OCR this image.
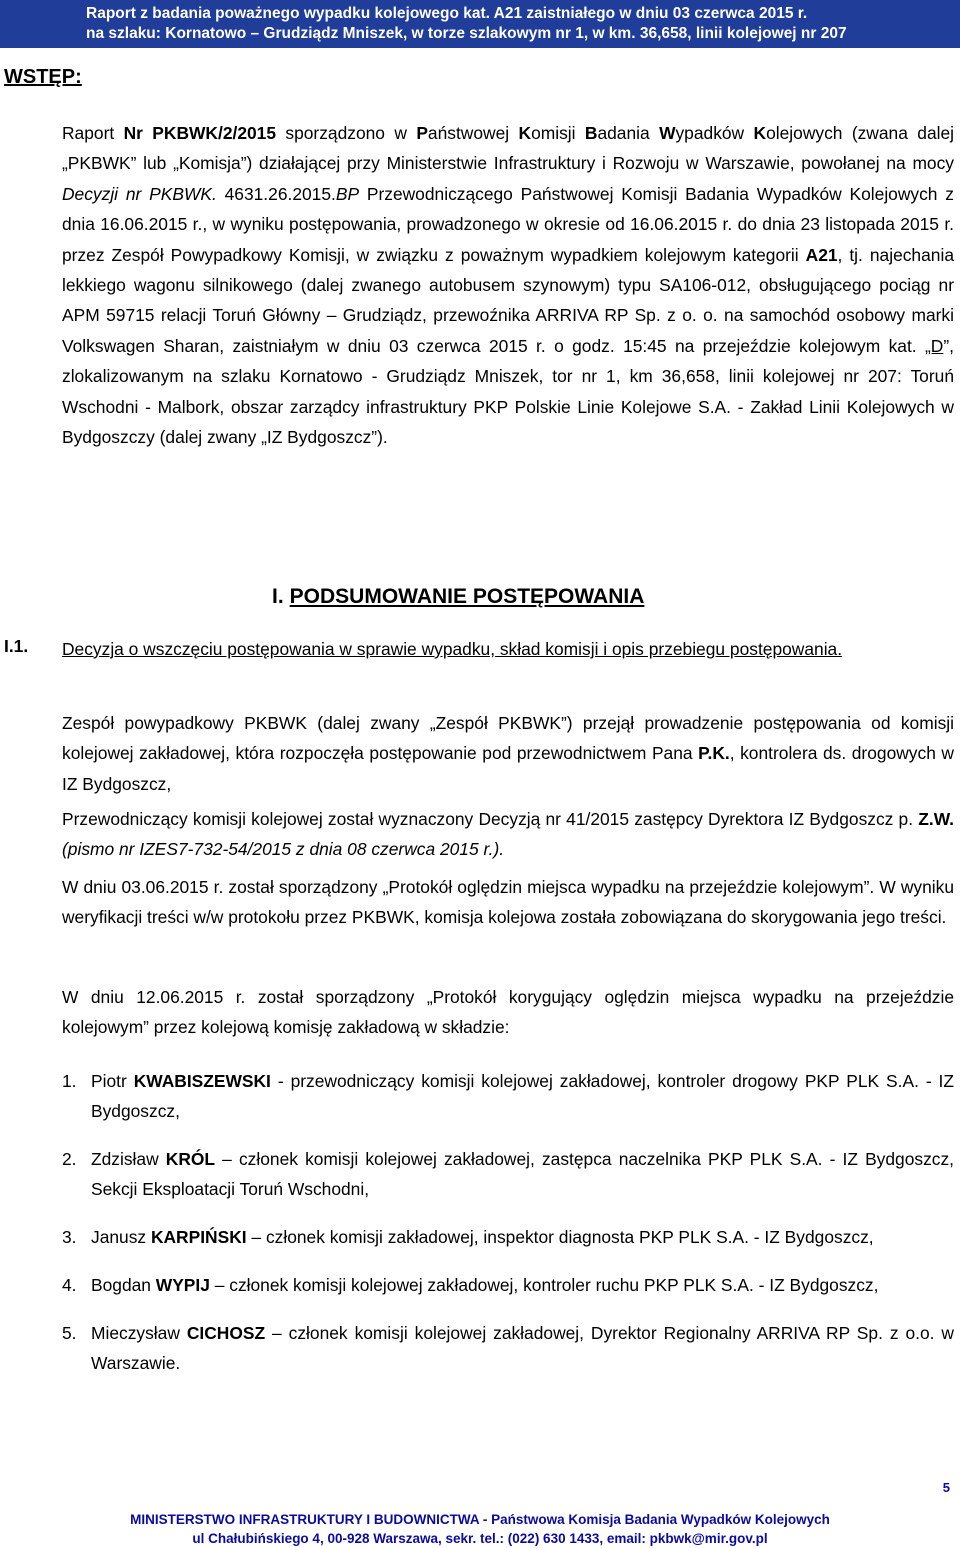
Raport z badania poważnego wypadku kolejowego kat. A21 zaistniałego w dniu 03 czerwca 2015 r.
na szlaku: Kornatowo – Grudziądz Mniszek, w torze szlakowym nr 1, w km. 36,658, linii kolejowej nr 207
WSTĘP:

Raport Nr PKBWK/2/2015 sporządzono w Państwowej Komisji Badania Wypadków Kolejowych (zwana dalej „PKBWK” lub „Komisja”) działającej przy Ministerstwie Infrastruktury i Rozwoju w Warszawie, powołanej na mocy Decyzji nr PKBWK. 4631.26.2015.BP Przewodniczącego Państwowej Komisji Badania Wypadków Kolejowych z dnia 16.06.2015 r., w wyniku postępowania, prowadzonego w okresie od 16.06.2015 r. do dnia 23 listopada 2015 r. przez Zespół Powypadkowy Komisji, w związku z poważnym wypadkiem kolejowym kategorii A21, tj. najechania lekkiego wagonu silnikowego (dalej zwanego autobusem szynowym) typu SA106-012, obsługującego pociąg nr APM 59715 relacji Toruń Główny – Grudziądz, przewoźnika ARRIVA RP Sp. z o. o. na samochód osobowy marki Volkswagen Sharan, zaistniałym w dniu 03 czerwca 2015 r. o godz. 15:45 na przejeździe kolejowym kat. „D”, zlokalizowanym na szlaku Kornatowo - Grudziądz Mniszek, tor nr 1, km 36,658, linii kolejowej nr 207: Toruń Wschodni - Malbork, obszar zarządcy infrastruktury PKP Polskie Linie Kolejowe S.A. - Zakład Linii Kolejowych w Bydgoszczy (dalej zwany „IZ Bydgoszcz”).

I. PODSUMOWANIE POSTĘPOWANIA
I.1. Decyzja o wszczęciu postępowania w sprawie wypadku, skład komisji i opis przebiegu postępowania.

Zespół powypadkowy PKBWK (dalej zwany „Zespół PKBWK”) przejął prowadzenie postępowania od komisji kolejowej zakładowej, która rozpoczęła postępowanie pod przewodnictwem Pana P.K., kontrolera ds. drogowych w IZ Bydgoszcz,

Przewodniczący komisji kolejowej został wyznaczony Decyzją nr 41/2015 zastępcy Dyrektora IZ Bydgoszcz p. Z.W. (pismo nr IZES7-732-54/2015 z dnia 08 czerwca 2015 r.).

W dniu 03.06.2015 r. został sporządzony „Protokół oględzin miejsca wypadku na przejeździe kolejowym”. W wyniku weryfikacji treści w/w protokołu przez PKBWK, komisja kolejowa została zobowiązana do skorygowania jego treści.

W dniu 12.06.2015 r. został sporządzony „Protokół korygujący oględzin miejsca wypadku na przejeździe kolejowym” przez kolejową komisję zakładową w składzie:

1. Piotr KWABISZEWSKI - przewodniczący komisji kolejowej zakładowej, kontroler drogowy PKP PLK S.A. - IZ Bydgoszcz,
2. Zdzisław KRÓL – członek komisji kolejowej zakładowej, zastępca naczelnika PKP PLK S.A. - IZ Bydgoszcz, Sekcji Eksploatacji Toruń Wschodni,
3. Janusz KARPIŃSKI – członek komisji zakładowej, inspektor diagnosta PKP PLK S.A. - IZ Bydgoszcz,
4. Bogdan WYPIJ – członek komisji kolejowej zakładowej, kontroler ruchu PKP PLK S.A. - IZ Bydgoszcz,
5. Mieczysław CICHOSZ – członek komisji kolejowej zakładowej, Dyrektor Regionalny ARRIVA RP Sp. z o.o. w Warszawie.
5
MINISTERSTWO INFRASTRUKTURY I BUDOWNICTWA - Państwowa Komisja Badania Wypadków Kolejowych
ul Chałubińskiego 4, 00-928 Warszawa, sekr. tel.: (022) 630 1433, email: pkbwk@mir.gov.pl
